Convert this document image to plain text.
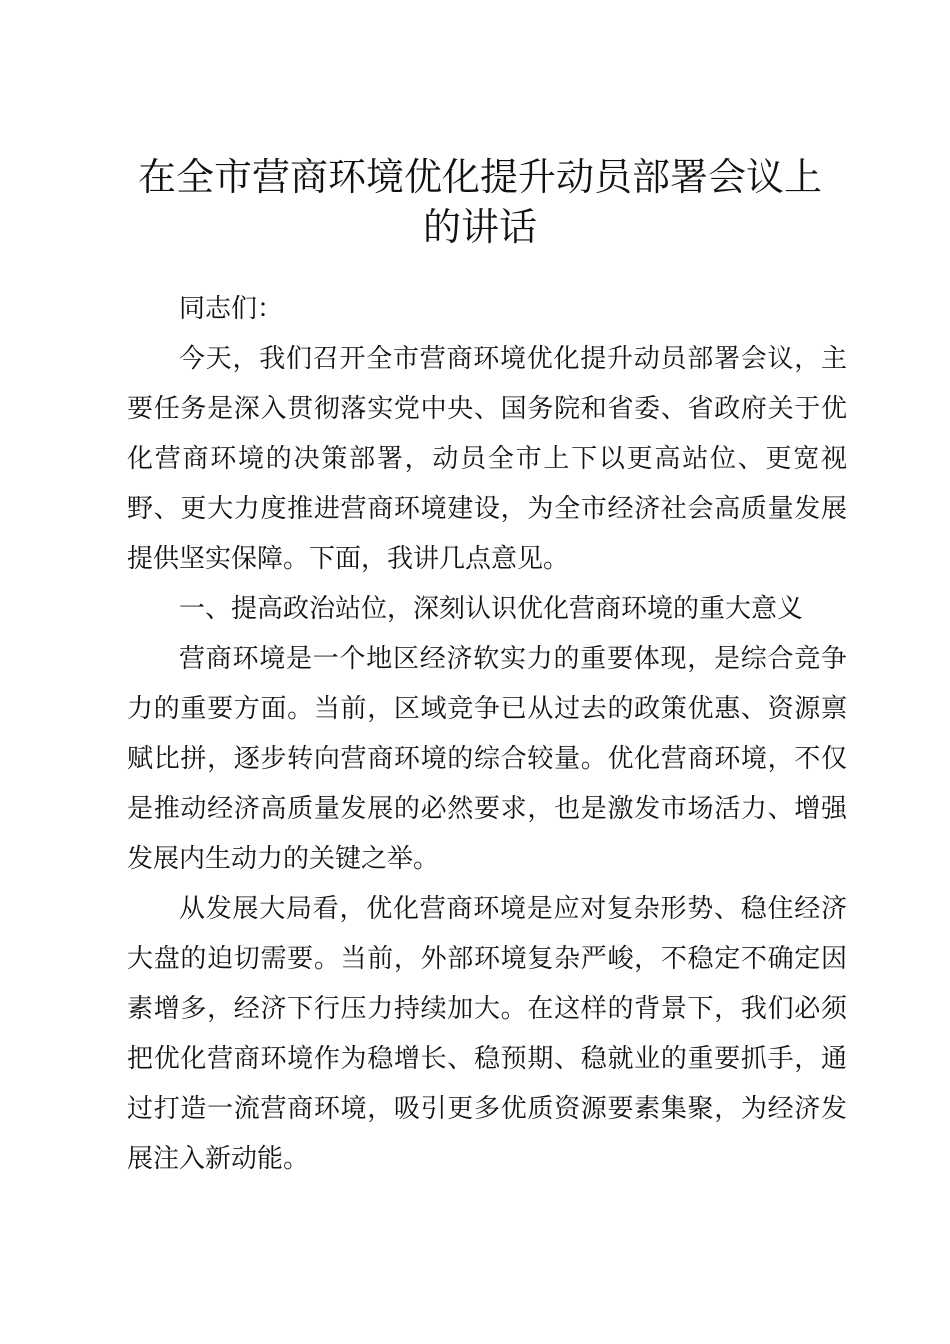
在全市营商环境优化提升动员部署会议上的讲话

同志们：

今天，我们召开全市营商环境优化提升动员部署会议，主要任务是深入贯彻落实党中央、国务院和省委、省政府关于优化营商环境的决策部署，动员全市上下以更高站位、更宽视野、更大力度推进营商环境建设，为全市经济社会高质量发展提供坚实保障。下面，我讲几点意见。

一、提高政治站位，深刻认识优化营商环境的重大意义

营商环境是一个地区经济软实力的重要体现，是综合竞争力的重要方面。当前，区域竞争已从过去的政策优惠、资源禀赋比拼，逐步转向营商环境的综合较量。优化营商环境，不仅是推动经济高质量发展的必然要求，也是激发市场活力、增强发展内生动力的关键之举。

从发展大局看，优化营商环境是应对复杂形势、稳住经济大盘的迫切需要。当前，外部环境复杂严峻，不稳定不确定因素增多，经济下行压力持续加大。在这样的背景下，我们必须把优化营商环境作为稳增长、稳预期、稳就业的重要抓手，通过打造一流营商环境，吸引更多优质资源要素集聚，为经济发展注入新动能。
